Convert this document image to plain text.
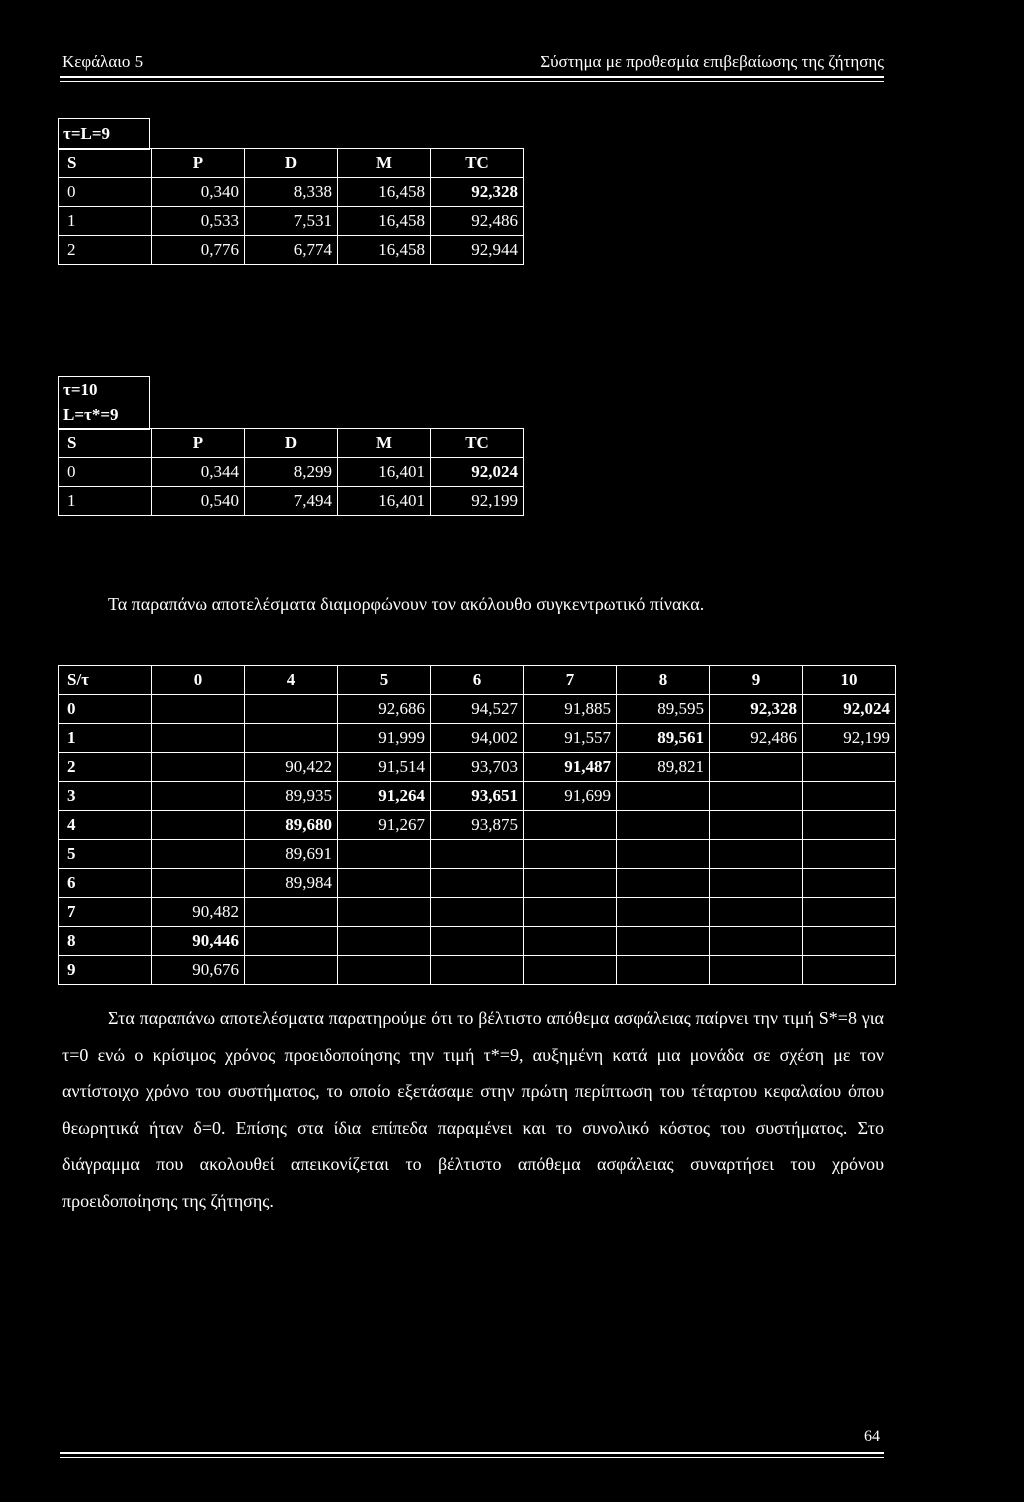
Κεφάλαιο 5	Σύστημα με προθεσμία επιβεβαίωσης της ζήτησης
τ=L=9
S	P	D	M	TC
0	0,340	8,338	16,458	92,328
1	0,533	7,531	16,458	92,486
2	0,776	6,774	16,458	92,944
τ=10
L=τ*=9
S	P	D	M	TC
0	0,344	8,299	16,401	92,024
1	0,540	7,494	16,401	92,199
Τα παραπάνω αποτελέσματα διαμορφώνουν τον ακόλουθο συγκεντρωτικό πίνακα.
S/τ	0	4	5	6	7	8	9	10
0			92,686	94,527	91,885	89,595	92,328	92,024
1			91,999	94,002	91,557	89,561	92,486	92,199
2		90,422	91,514	93,703	91,487	89,821		
3		89,935	91,264	93,651	91,699			
4		89,680	91,267	93,875				
5		89,691						
6		89,984						
7	90,482							
8	90,446							
9	90,676							
Στα παραπάνω αποτελέσματα παρατηρούμε ότι το βέλτιστο απόθεμα ασφάλειας παίρνει την τιμή S*=8 για τ=0 ενώ ο κρίσιμος χρόνος προειδοποίησης την τιμή τ*=9, αυξημένη κατά μια μονάδα σε σχέση με τον αντίστοιχο χρόνο του συστήματος, το οποίο εξετάσαμε στην πρώτη περίπτωση του τέταρτου κεφαλαίου όπου θεωρητικά ήταν δ=0. Επίσης στα ίδια επίπεδα παραμένει και το συνολικό κόστος του συστήματος. Στο διάγραμμα που ακολουθεί απεικονίζεται το βέλτιστο απόθεμα ασφάλειας συναρτήσει του χρόνου προειδοποίησης της ζήτησης.
64
